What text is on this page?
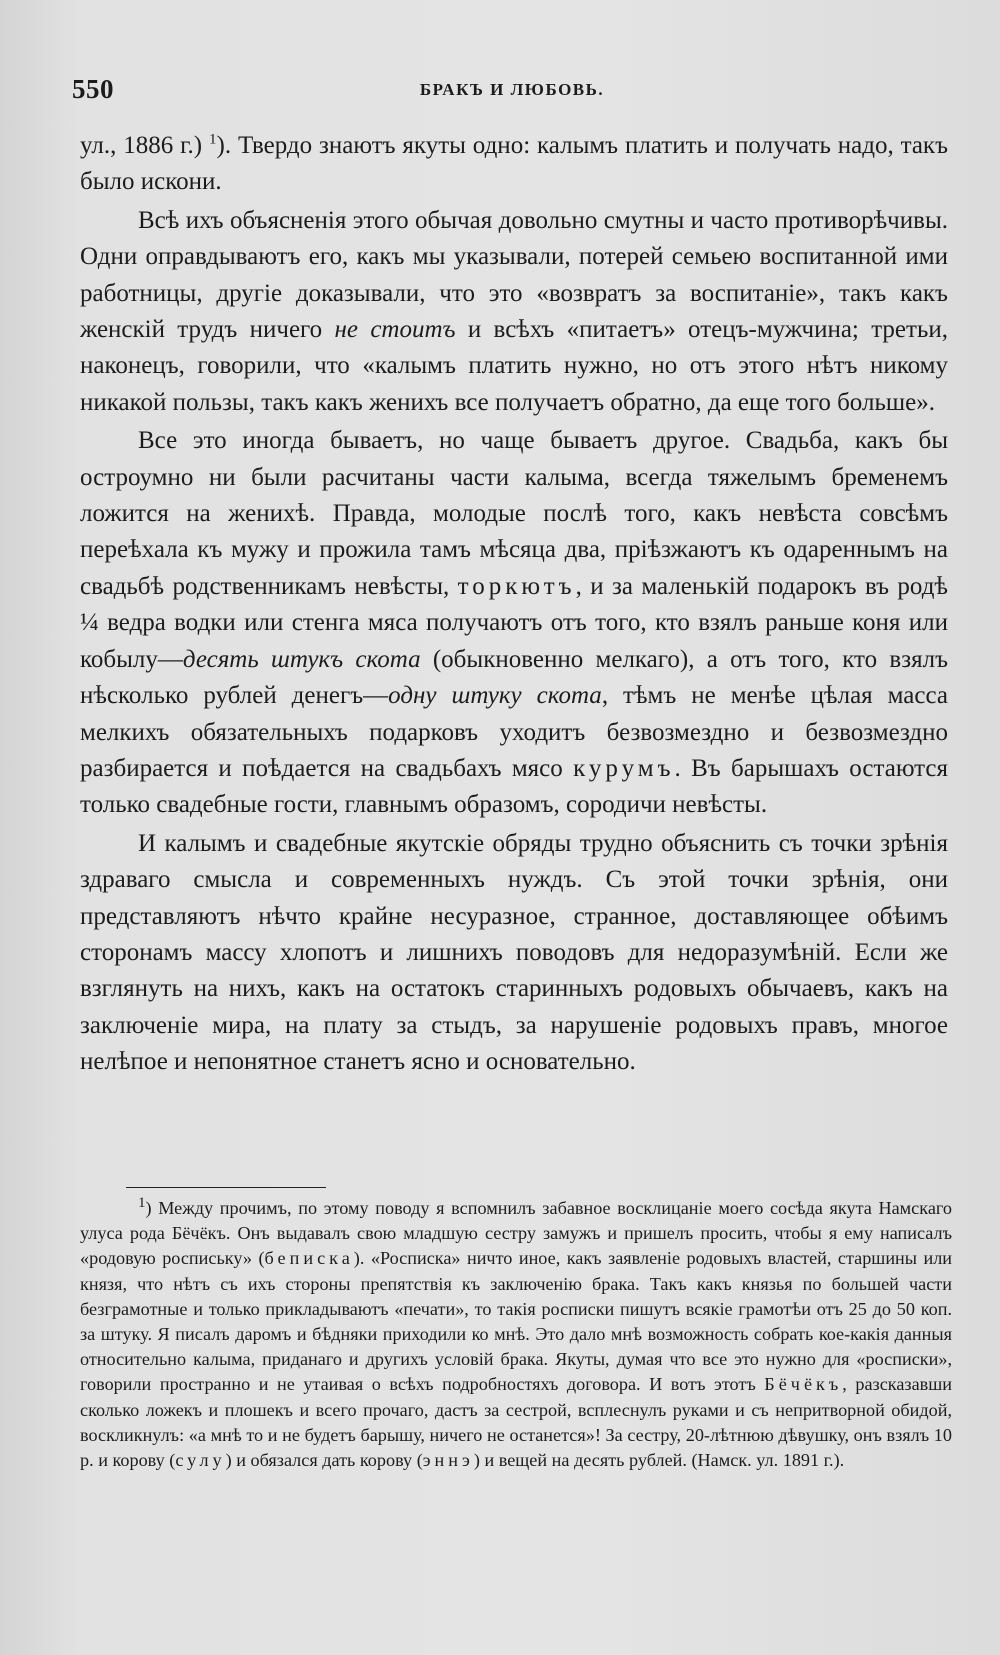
550	БРАКЪ И ЛЮБОВЬ.

ул., 1886 г.) $^1$). Твердо знаютъ якуты одно: калымъ платить и получать надо, такъ было искони.

Всѣ ихъ объясненія этого обычая довольно смутны и часто противорѣчивы. Одни оправдываютъ его, какъ мы указывали, потерей семьею воспитанной ими работницы, другіе доказывали, что это «возвратъ за воспитаніе», такъ какъ женскій трудъ ничего не стоитъ и всѣхъ «питаетъ» отецъ-мужчина; третьи, наконецъ, говорили, что «калымъ платить нужно, но отъ этого нѣтъ никому никакой пользы, такъ какъ женихъ все получаетъ обратно, да еще того больше».

Все это иногда бываетъ, но чаще бываетъ другое. Свадьба, какъ бы остроумно ни были расчитаны части калыма, всегда тяжелымъ бременемъ ложится на женихѣ. Правда, молодые послѣ того, какъ невѣста совсѣмъ переѣхала къ мужу и прожила тамъ мѣсяца два, пріѣзжаютъ къ одареннымъ на свадьбѣ родственникамъ невѣсты, торкютъ, и за маленькій подарокъ въ родѣ ¼ ведра водки или стенга мяса получаютъ отъ того, кто взялъ раньше коня или кобылу—десять штукъ скота (обыкновенно мелкаго), а отъ того, кто взялъ нѣсколько рублей денегъ—одну штуку скота, тѣмъ не менѣе цѣлая масса мелкихъ обязательныхъ подарковъ уходитъ безвозмездно и безвозмездно разбирается и поѣдается на свадьбахъ мясо курумъ. Въ барышахъ остаются только свадебные гости, главнымъ образомъ, сородичи невѣсты.

И калымъ и свадебные якутскіе обряды трудно объяснить съ точки зрѣнія здраваго смысла и современныхъ нуждъ. Съ этой точки зрѣнія, они представляютъ нѣчто крайне несуразное, странное, доставляющее обѣимъ сторонамъ массу хлопотъ и лишнихъ поводовъ для недоразумѣній. Если же взглянуть на нихъ, какъ на остатокъ старинныхъ родовыхъ обычаевъ, какъ на заключеніе мира, на плату за стыдъ, за нарушеніе родовыхъ правъ, многое нелѣпое и непонятное станетъ ясно и основательно.

$^1$) Между прочимъ, по этому поводу я вспомнилъ забавное восклицаніе моего сосѣда якута Намскаго улуса рода Бёчёкъ. Онъ выдавалъ свою младшую сестру замужъ и пришелъ просить, чтобы я ему написалъ «родовую роспиську» (беписка). «Росписка» ничто иное, какъ заявленіе родовыхъ властей, старшины или князя, что нѣтъ съ ихъ стороны препятствія къ заключенію брака. Такъ какъ князья по большей части безграмотные и только прикладываютъ «печати», то такія росписки пишутъ всякіе грамотѣи отъ 25 до 50 коп. за штуку. Я писалъ даромъ и бѣдняки приходили ко мнѣ. Это дало мнѣ возможность собрать кое-какія данныя относительно калыма, приданаго и другихъ условій брака. Якуты, думая что все это нужно для «росписки», говорили пространно и не утаивая о всѣхъ подробностяхъ договора. И вотъ этотъ Бёчёкъ, разсказавши сколько ложекъ и плошекъ и всего прочаго, дастъ за сестрой, всплеснулъ руками и съ непритворной обидой, воскликнулъ: «а мнѣ то и не будетъ барышу, ничего не останется»! За сестру, 20-лѣтнюю дѣвушку, онъ взялъ 10 р. и корову (сулу) и обязался дать корову (эннэ) и вещей на десять рублей. (Намск. ул. 1891 г.).
